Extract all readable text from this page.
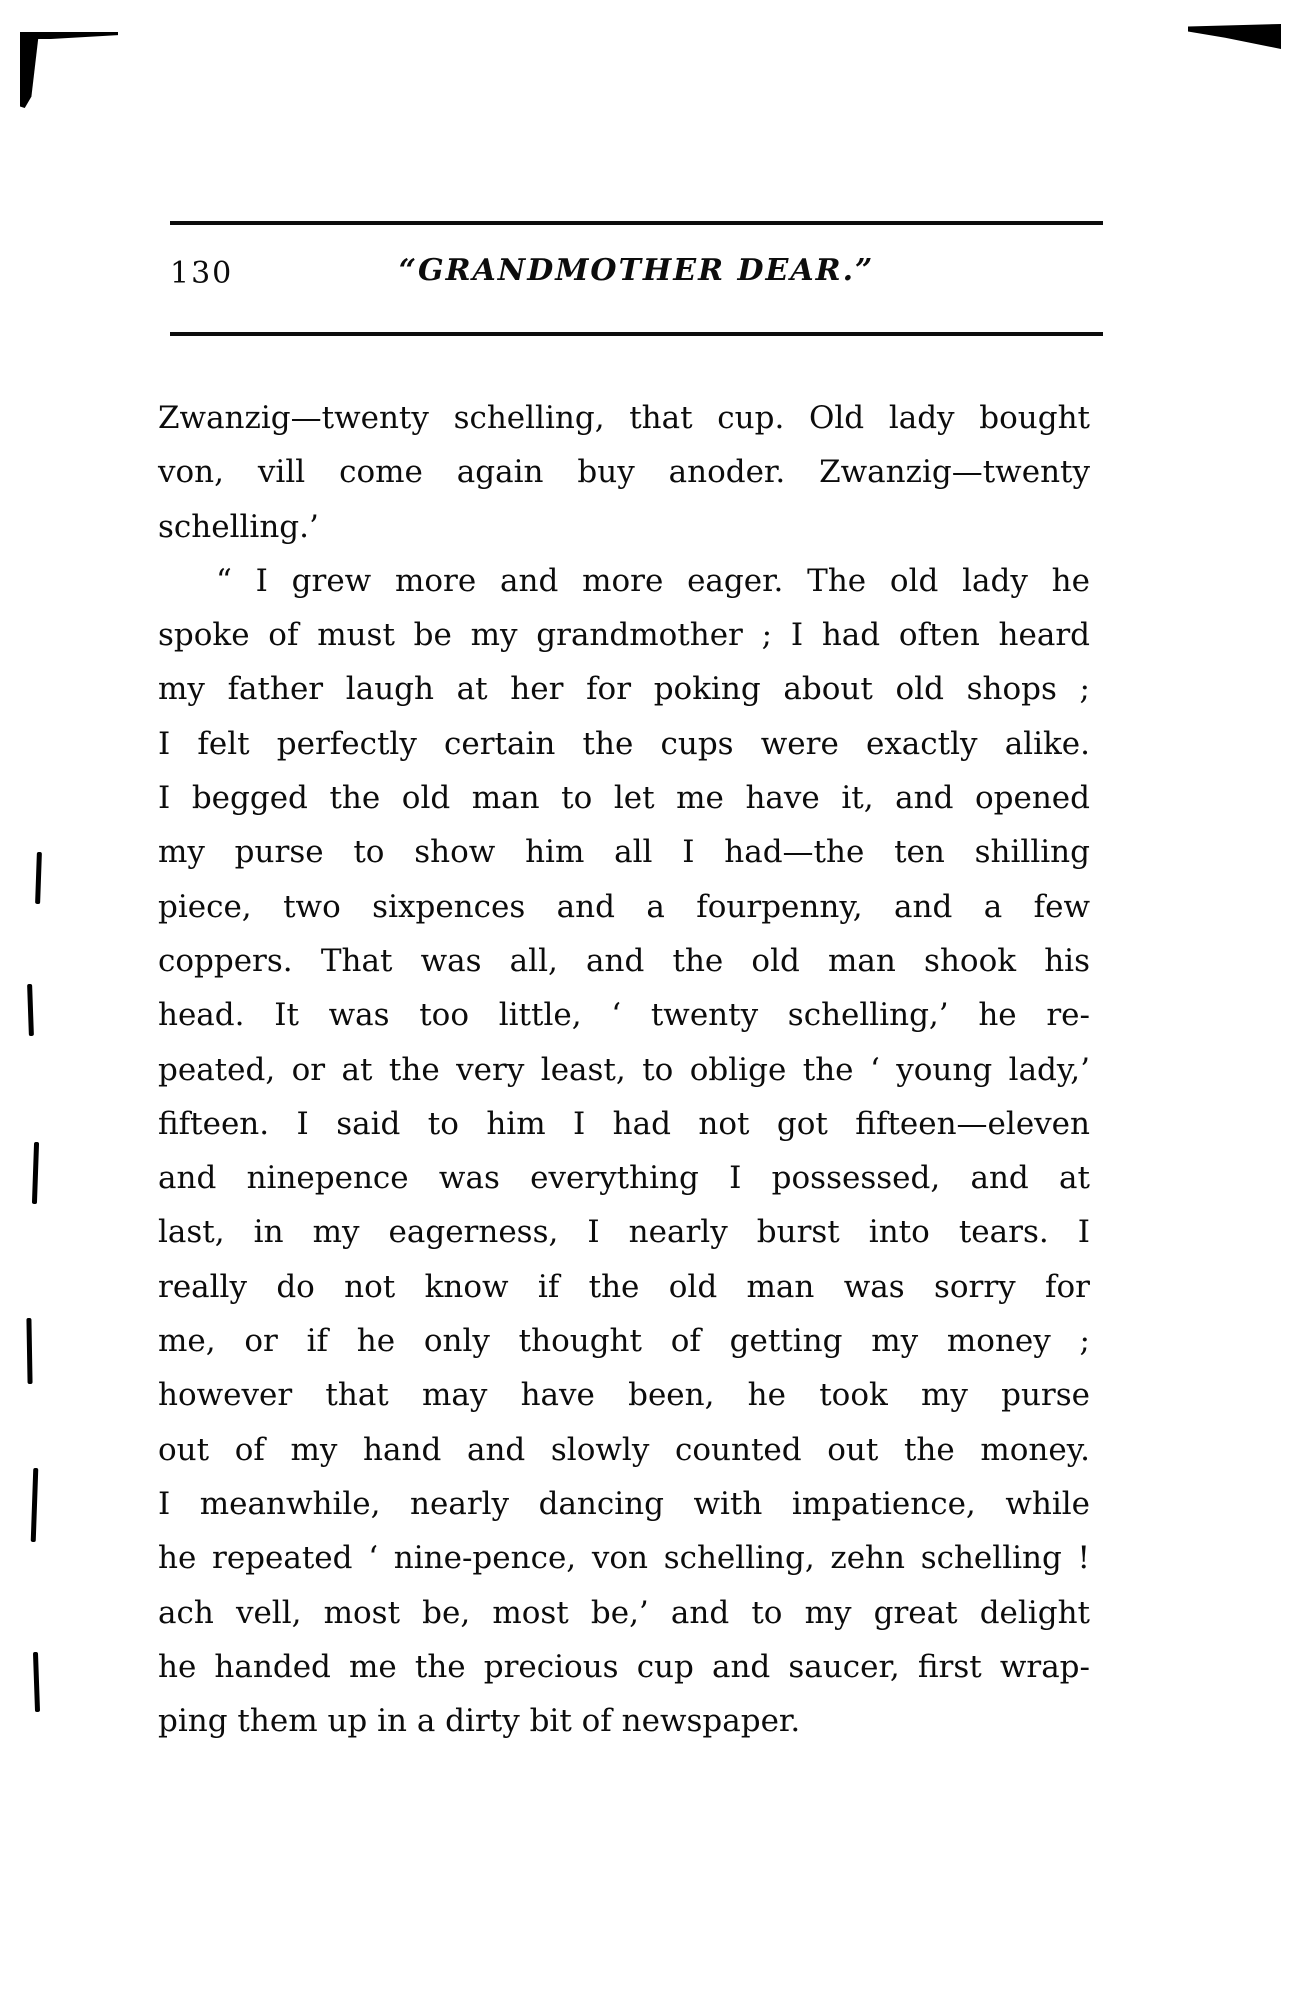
130	“GRANDMOTHER DEAR.”
Zwanzig—twenty schelling, that cup. Old lady bought
von, vill come again buy anoder. Zwanzig—twenty
schelling.’
“ I grew more and more eager. The old lady he
spoke of must be my grandmother ; I had often heard
my father laugh at her for poking about old shops ;
I felt perfectly certain the cups were exactly alike.
I begged the old man to let me have it, and opened
my purse to show him all I had—the ten shilling
piece, two sixpences and a fourpenny, and a few
coppers. That was all, and the old man shook his
head. It was too little, ‘ twenty schelling,’ he re-
peated, or at the very least, to oblige the ‘ young lady,’
fifteen. I said to him I had not got fifteen—eleven
and ninepence was everything I possessed, and at
last, in my eagerness, I nearly burst into tears. I
really do not know if the old man was sorry for
me, or if he only thought of getting my money ;
however that may have been, he took my purse
out of my hand and slowly counted out the money.
I meanwhile, nearly dancing with impatience, while
he repeated ‘ nine-pence, von schelling, zehn schelling !
ach vell, most be, most be,’ and to my great delight
he handed me the precious cup and saucer, first wrap-
ping them up in a dirty bit of newspaper.
